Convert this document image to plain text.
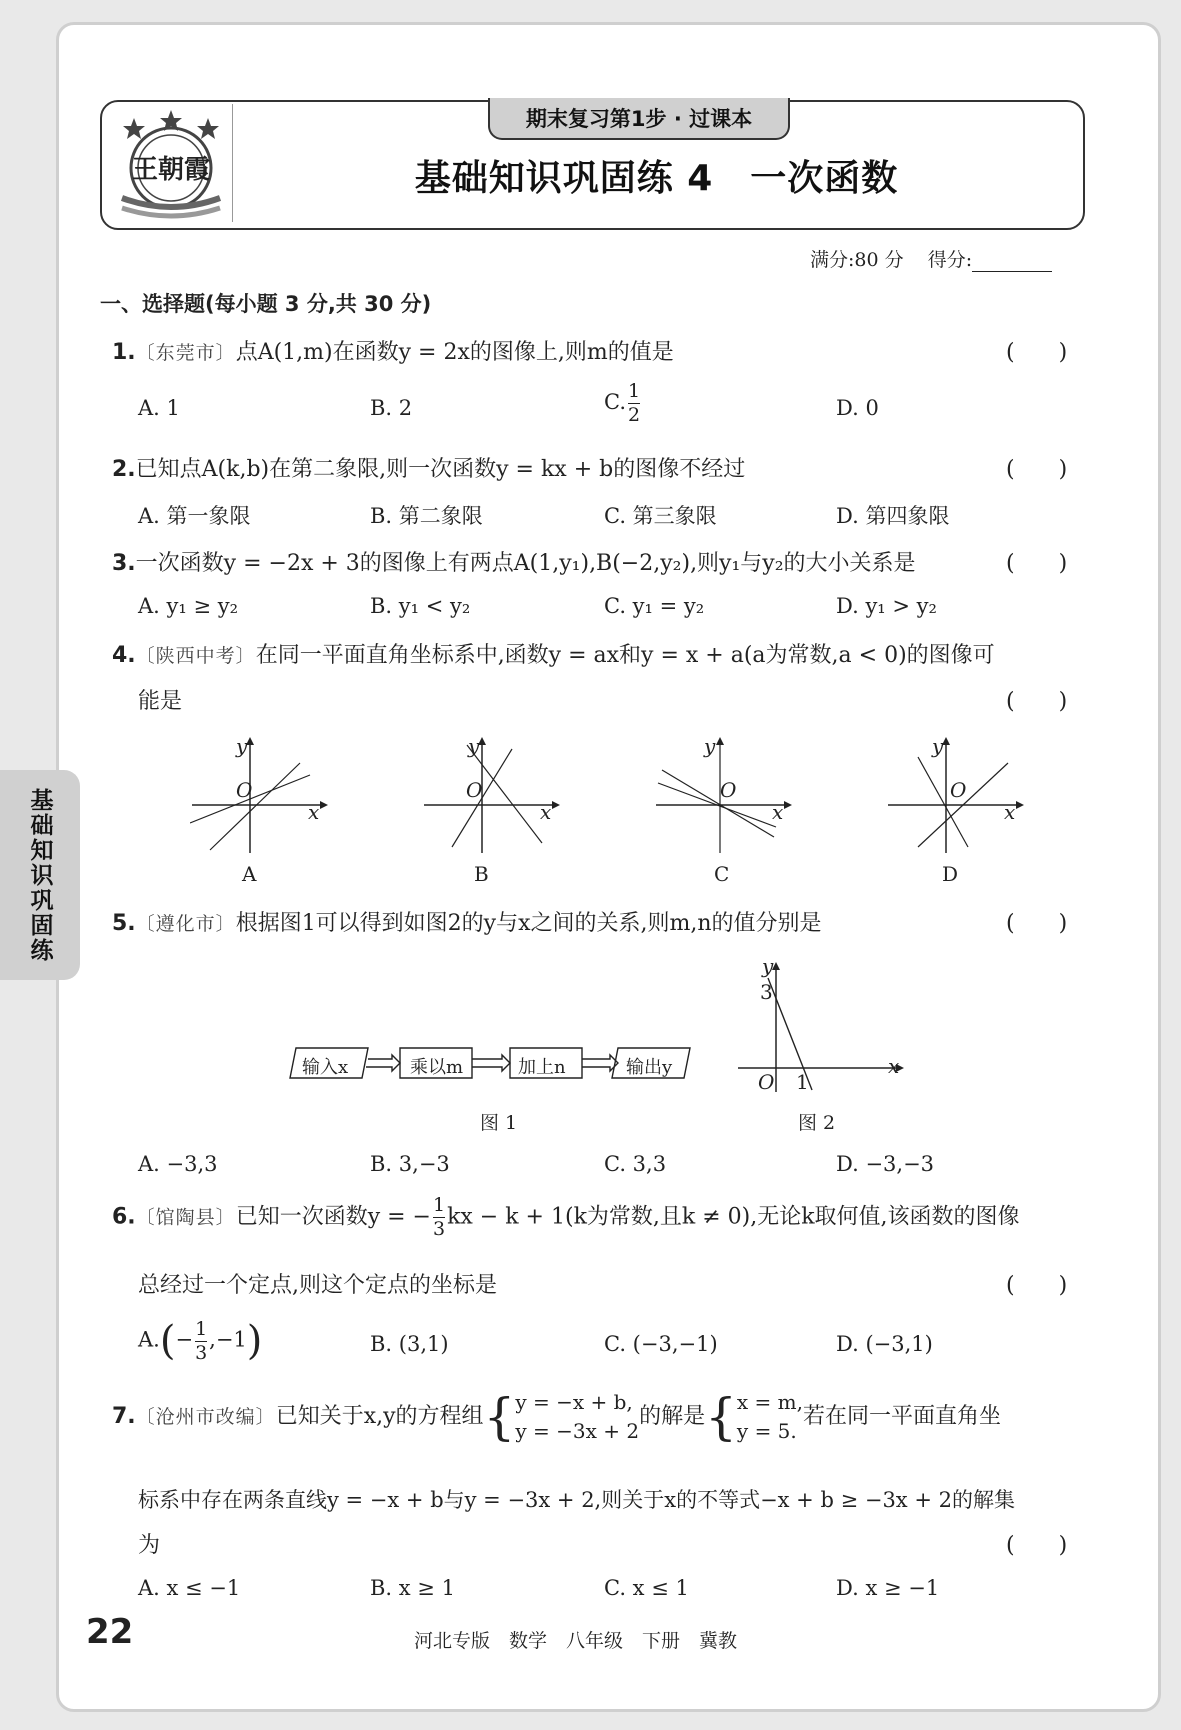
王朝霞
期末复习第1步 · 过课本
基础知识巩固练 4　一次函数
满分:80 分 得分:
一、选择题(每小题 3 分,共 30 分)
1.〔东莞市〕点A(1,m)在函数y = 2x的图像上,则m的值是	(　　)
A. 1	B. 2	C. $\frac{1}{2}$	D. 0
2.已知点A(k,b)在第二象限,则一次函数y = kx + b的图像不经过	(　　)
A. 第一象限	B. 第二象限	C. 第三象限	D. 第四象限
3.一次函数y = −2x + 3的图像上有两点A(1,y₁),B(−2,y₂),则y₁与y₂的大小关系是	(　　)
A. y₁ ≥ y₂	B. y₁ < y₂	C. y₁ = y₂	D. y₁ > y₂
4.〔陕西中考〕在同一平面直角坐标系中,函数y = ax和y = x + a(a为常数,a < 0)的图像可
能是	(　　)
y
O
x
y
O
x
y
O
x
y
O
x
A	B	C	D
5.〔遵化市〕根据图1可以得到如图2的y与x之间的关系,则m,n的值分别是	(　　)
输入x	乘以m	加上n	输出y
图 1
3
1
O
x
y
图 2
A. −3,3	B. 3,−3	C. 3,3	D. −3,−3
6.〔馆陶县〕已知一次函数y = − $\frac{1}{3}$ kx − k + 1(k为常数,且k ≠ 0),无论k取何值,该函数的图像
总经过一个定点,则这个定点的坐标是	(　　)
$A.(- \frac{1}{3} ,-1)$	B. (3,1)	C. (−3,−1)	D. (−3,1)
7.〔沧州市改编〕已知关于x,y的方程组{ y = −x + b,
y = −3x + 2
的解是{ x = m,
y = 5.
若在同一平面直角坐
标系中存在两条直线y = −x + b与y = −3x + 2,则关于x的不等式−x + b ≥ −3x + 2的解集
为	(　　)
A. x ≤ −1	B. x ≥ 1	C. x ≤ 1	D. x ≥ −1
基础知识巩固练
22	河北专版　数学　八年级　下册　冀教
